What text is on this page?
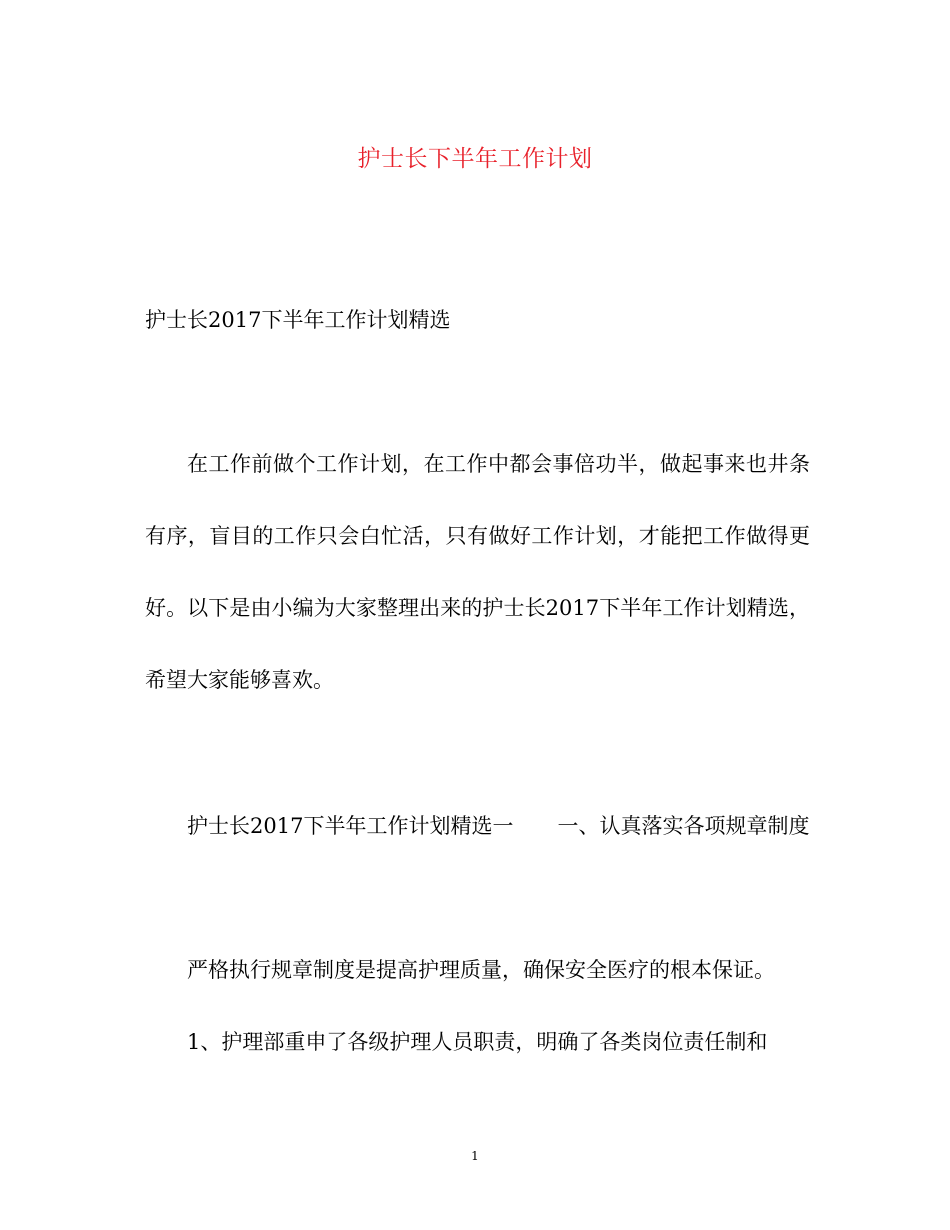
护士长下半年工作计划

护士长2017下半年工作计划精选

在工作前做个工作计划，在工作中都会事倍功半，做起事来也井条有序，盲目的工作只会白忙活，只有做好工作计划，才能把工作做得更好。以下是由小编为大家整理出来的护士长2017下半年工作计划精选，希望大家能够喜欢。

护士长2017下半年工作计划精选一 一、认真落实各项规章制度

严格执行规章制度是提高护理质量，确保安全医疗的根本保证。

1、护理部重申了各级护理人员职责，明确了各类岗位责任制和

1
